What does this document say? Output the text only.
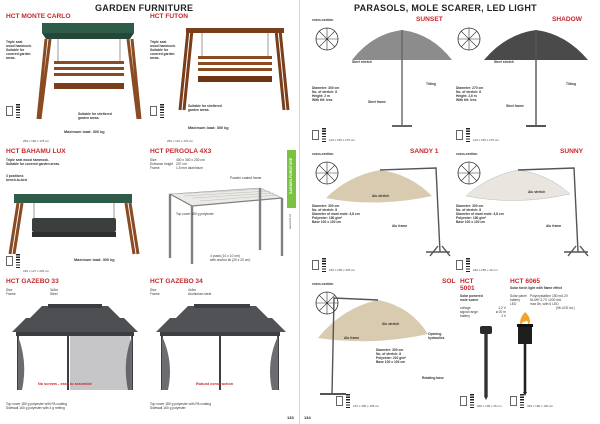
GARDEN FURNITURE
HCT MONTE CARLO
Triple seat
wood hammock.
Suitable for
covered garden
areas.
Suitable for sheltered
garden areas.
Maximum load: 300 kg
259 x 150 x 178 cm
HCT FUTON
Triple seat
wood hammock.
Suitable for
covered garden
areas.
Suitable for sheltered
garden areas.
Maximum load: 300 kg
250 x 121 x 170 cm
HCT BAHAMU LUX
Triple seat wood hammock.
Suitable for covered garden areas.
3 positions
bench-to-bed
Maximum load: 300 kg
220 x 127 x 220 cm
HCT PERGOLA 4X3
Size	400 x 300 x 230 cm
Entrance height 207 cm
Frame	1,5 mm aluminium
Powder coated frame
Top cover 180 g polyester
4 posts (10 x 10 cm)
with anchor kit (20 x 20 cm)
HCT GAZEBO 33
Size	3x3m
Frame	Steel
No screws - easy to assemble
Top cover 180 g polyester with PA coating
Sidewall 160 g polyester with 4 g netting
HCT GAZEBO 34
Size	4x3m
Frame	Aluminium steel
Robust construction
Top cover 180 g polyester with PA coating
Sidewall 160 g polyester
GARDEN FURNITURE
www.hct.cz
133
PARASOLS, MOLE SCARER, LED LIGHT
cross-section	SUNSET
Steel stretch
Tilting
Steel frame
Diameter: 300 cm
No. of stretch: 8
Height: 2 m
With tilt: less
110 x 150 x 270 cm
SHADOW
Steel stretch
Tilting
Steel frame
Diameter: 270 cm
No. of stretch: 8
Height: 2,6 m
With tilt: less
110 x 150 x 270 cm
cross-section	SANDY 1
Alu stretch
Alu frame
Diameter: 300 cm
No. of stretch: 8
Diameter of mast mole: 4,8 cm
Polyester: 180 g/m²
Base 100 x 100 cm
150 x 205 x 225 cm
cross-section	SUNNY
Alu stretch
Alu frame
Diameter: 300 cm
No. of stretch: 8
Diameter of mast mole: 4,8 cm
Polyester: 180 g/m²
Base 100 x 100 cm
220 x 255 x 10 cm
cross-section	SOL
Alu stretch
Alu frame
Opening
hydraulics
Rotating base
Diameter: 300 cm
No. of stretch: 8
Polyester: 210 g/m²
Base 100 x 100 cm
270 x 405 x 105 cm
HCT
5001
Solar powered
mole scarer
voltage	1,2 V
signal range	ø 20 m
battery	2 h
300 x 100 x 25 cm
HCT 6065
Solar torch light with flame effect
Solar panel Polycrystalline 150 mA 2V
battery	Ni-MH 3,7V 1200 mA
LED	max 8h, with 6 LED
(96 LED tot.)
325 x 100 x 100 cm
134
